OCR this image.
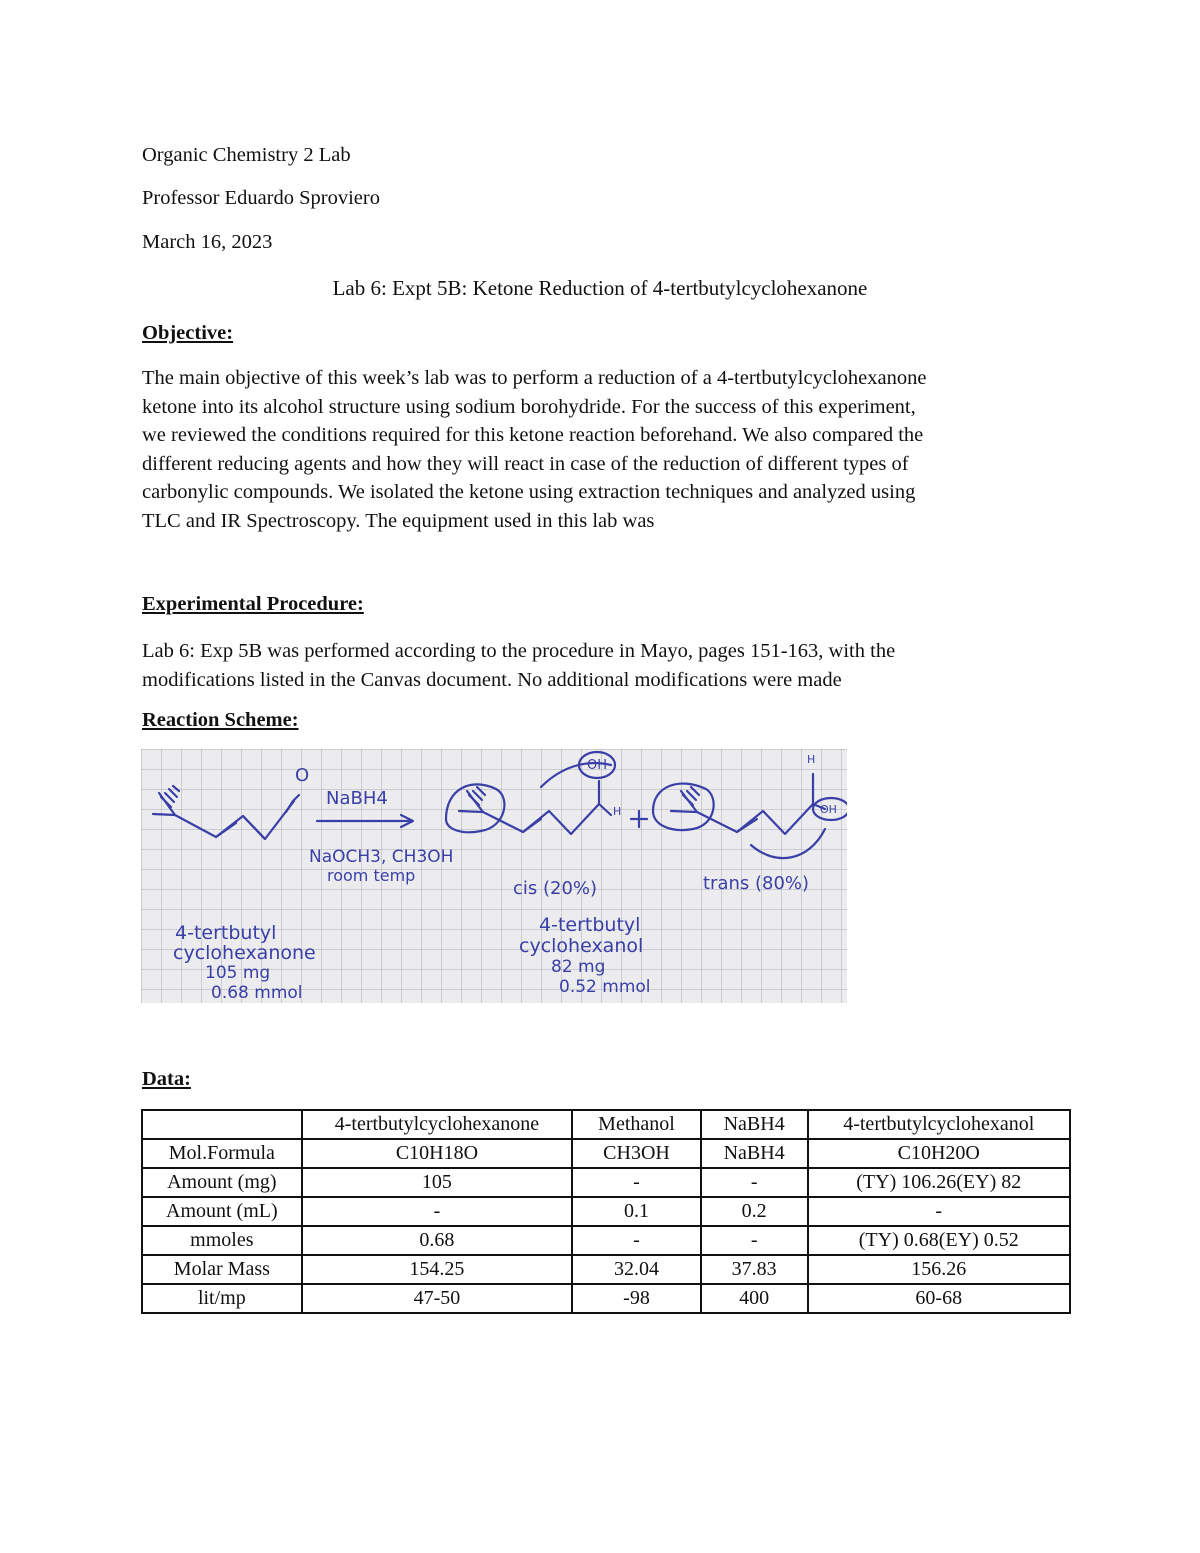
Organic Chemistry 2 Lab
Professor Eduardo Sproviero
March 16, 2023
Lab 6: Expt 5B: Ketone Reduction of 4-tertbutylcyclohexanone
Objective:
The main objective of this week’s lab was to perform a reduction of a 4-tertbutylcyclohexanone
ketone into its alcohol structure using sodium borohydride. For the success of this experiment,
we reviewed the conditions required for this ketone reaction beforehand. We also compared the
different reducing agents and how they will react in case of the reduction of different types of
carbonylic compounds. We isolated the ketone using extraction techniques and analyzed using
TLC and IR Spectroscopy. The equipment used in this lab was
Experimental Procedure:
Lab 6: Exp 5B was performed according to the procedure in Mayo, pages 151-163, with the
modifications listed in the Canvas document. No additional modifications were made
Reaction Scheme:
O
NaBH4
NaOCH3, CH3OH
room temp
OH
H
H
OH
cis (20%)	trans (80%)
4-tertbutyl
cyclohexanone
105 mg
0.68 mmol
4-tertbutyl
cyclohexanol
82 mg
0.52 mmol
Data:
	4-tertbutylcyclohexanone	Methanol	NaBH4	4-tertbutylcyclohexanol
Mol.Formula	C10H18O	CH3OH	NaBH4	C10H20O
Amount (mg)	105	-	-	(TY) 106.26(EY) 82
Amount (mL)	-	0.1	0.2	-
mmoles	0.68	-	-	(TY) 0.68(EY) 0.52
Molar Mass	154.25	32.04	37.83	156.26
lit/mp	47-50	-98	400	60-68
